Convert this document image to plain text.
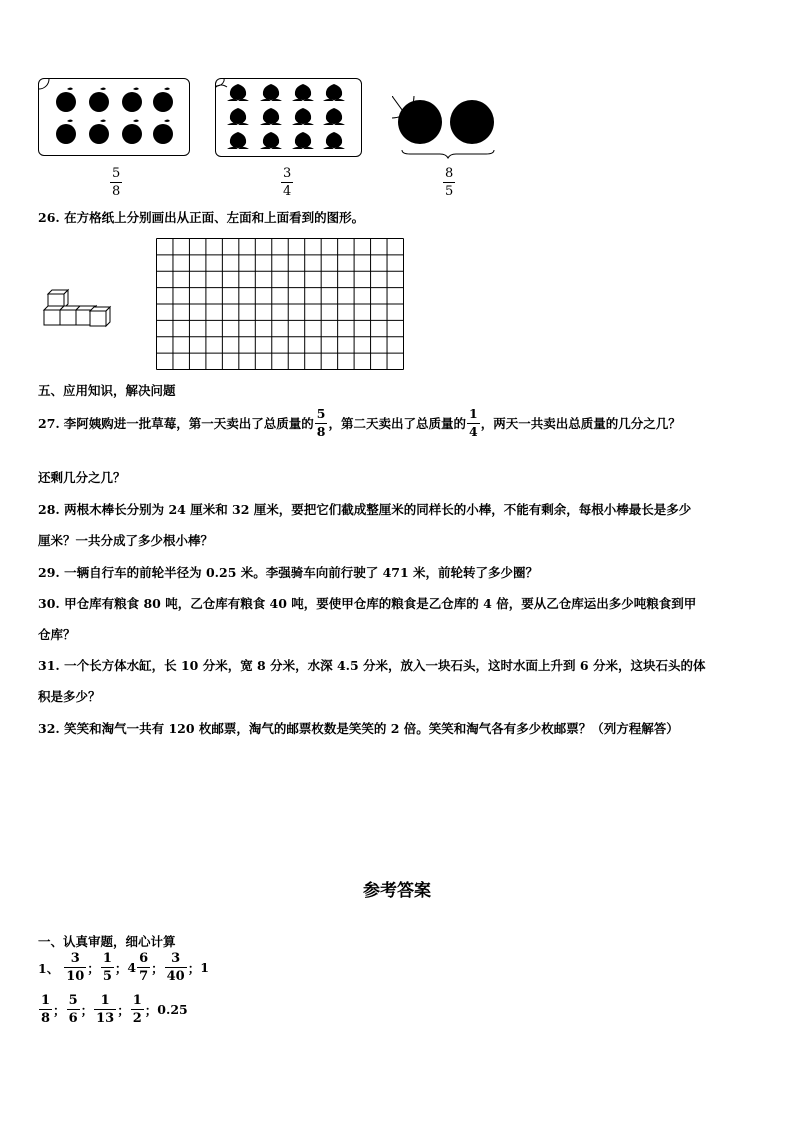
$\frac{5}{8}$	$\frac{3}{4}$	$\frac{8}{5}$
26. 在方格纸上分别画出从正面、左面和上面看到的图形。
五、应用知识，解决问题
27. 李阿姨购进一批草莓，第一天卖出了总质量的 $\frac{5}{8}$ ，第二天卖出了总质量的 $\frac{1}{4}$ ，两天一共卖出总质量的几分之几？
还剩几分之几？
28. 两根木棒长分别为 24 厘米和 32 厘米，要把它们截成整厘米的同样长的小棒，不能有剩余，每根小棒最长是多少
厘米？一共分成了多少根小棒？
29. 一辆自行车的前轮半径为 0.25 米。李强骑车向前行驶了 471 米，前轮转了多少圈？
30. 甲仓库有粮食 80 吨，乙仓库有粮食 40 吨，要使甲仓库的粮食是乙仓库的 4 倍，要从乙仓库运出多少吨粮食到甲
仓库？
31. 一个长方体水缸，长 10 分米，宽 8 分米，水深 4.5 分米，放入一块石头，这时水面上升到 6 分米，这块石头的体
积是多少？
32. 笑笑和淘气一共有 120 枚邮票，淘气的邮票枚数是笑笑的 2 倍。笑笑和淘气各有多少枚邮票？（列方程解答）
参考答案
一、认真审题，细心计算
1、 $\frac{3}{10}$ ； $\frac{1}{5}$ ； $4 \frac{6}{7}$ ； $\frac{3}{40}$ ； 1
$\frac{1}{8}$ ； $\frac{5}{6}$ ； $\frac{1}{13}$ ； $\frac{1}{2}$ ； 0.25
